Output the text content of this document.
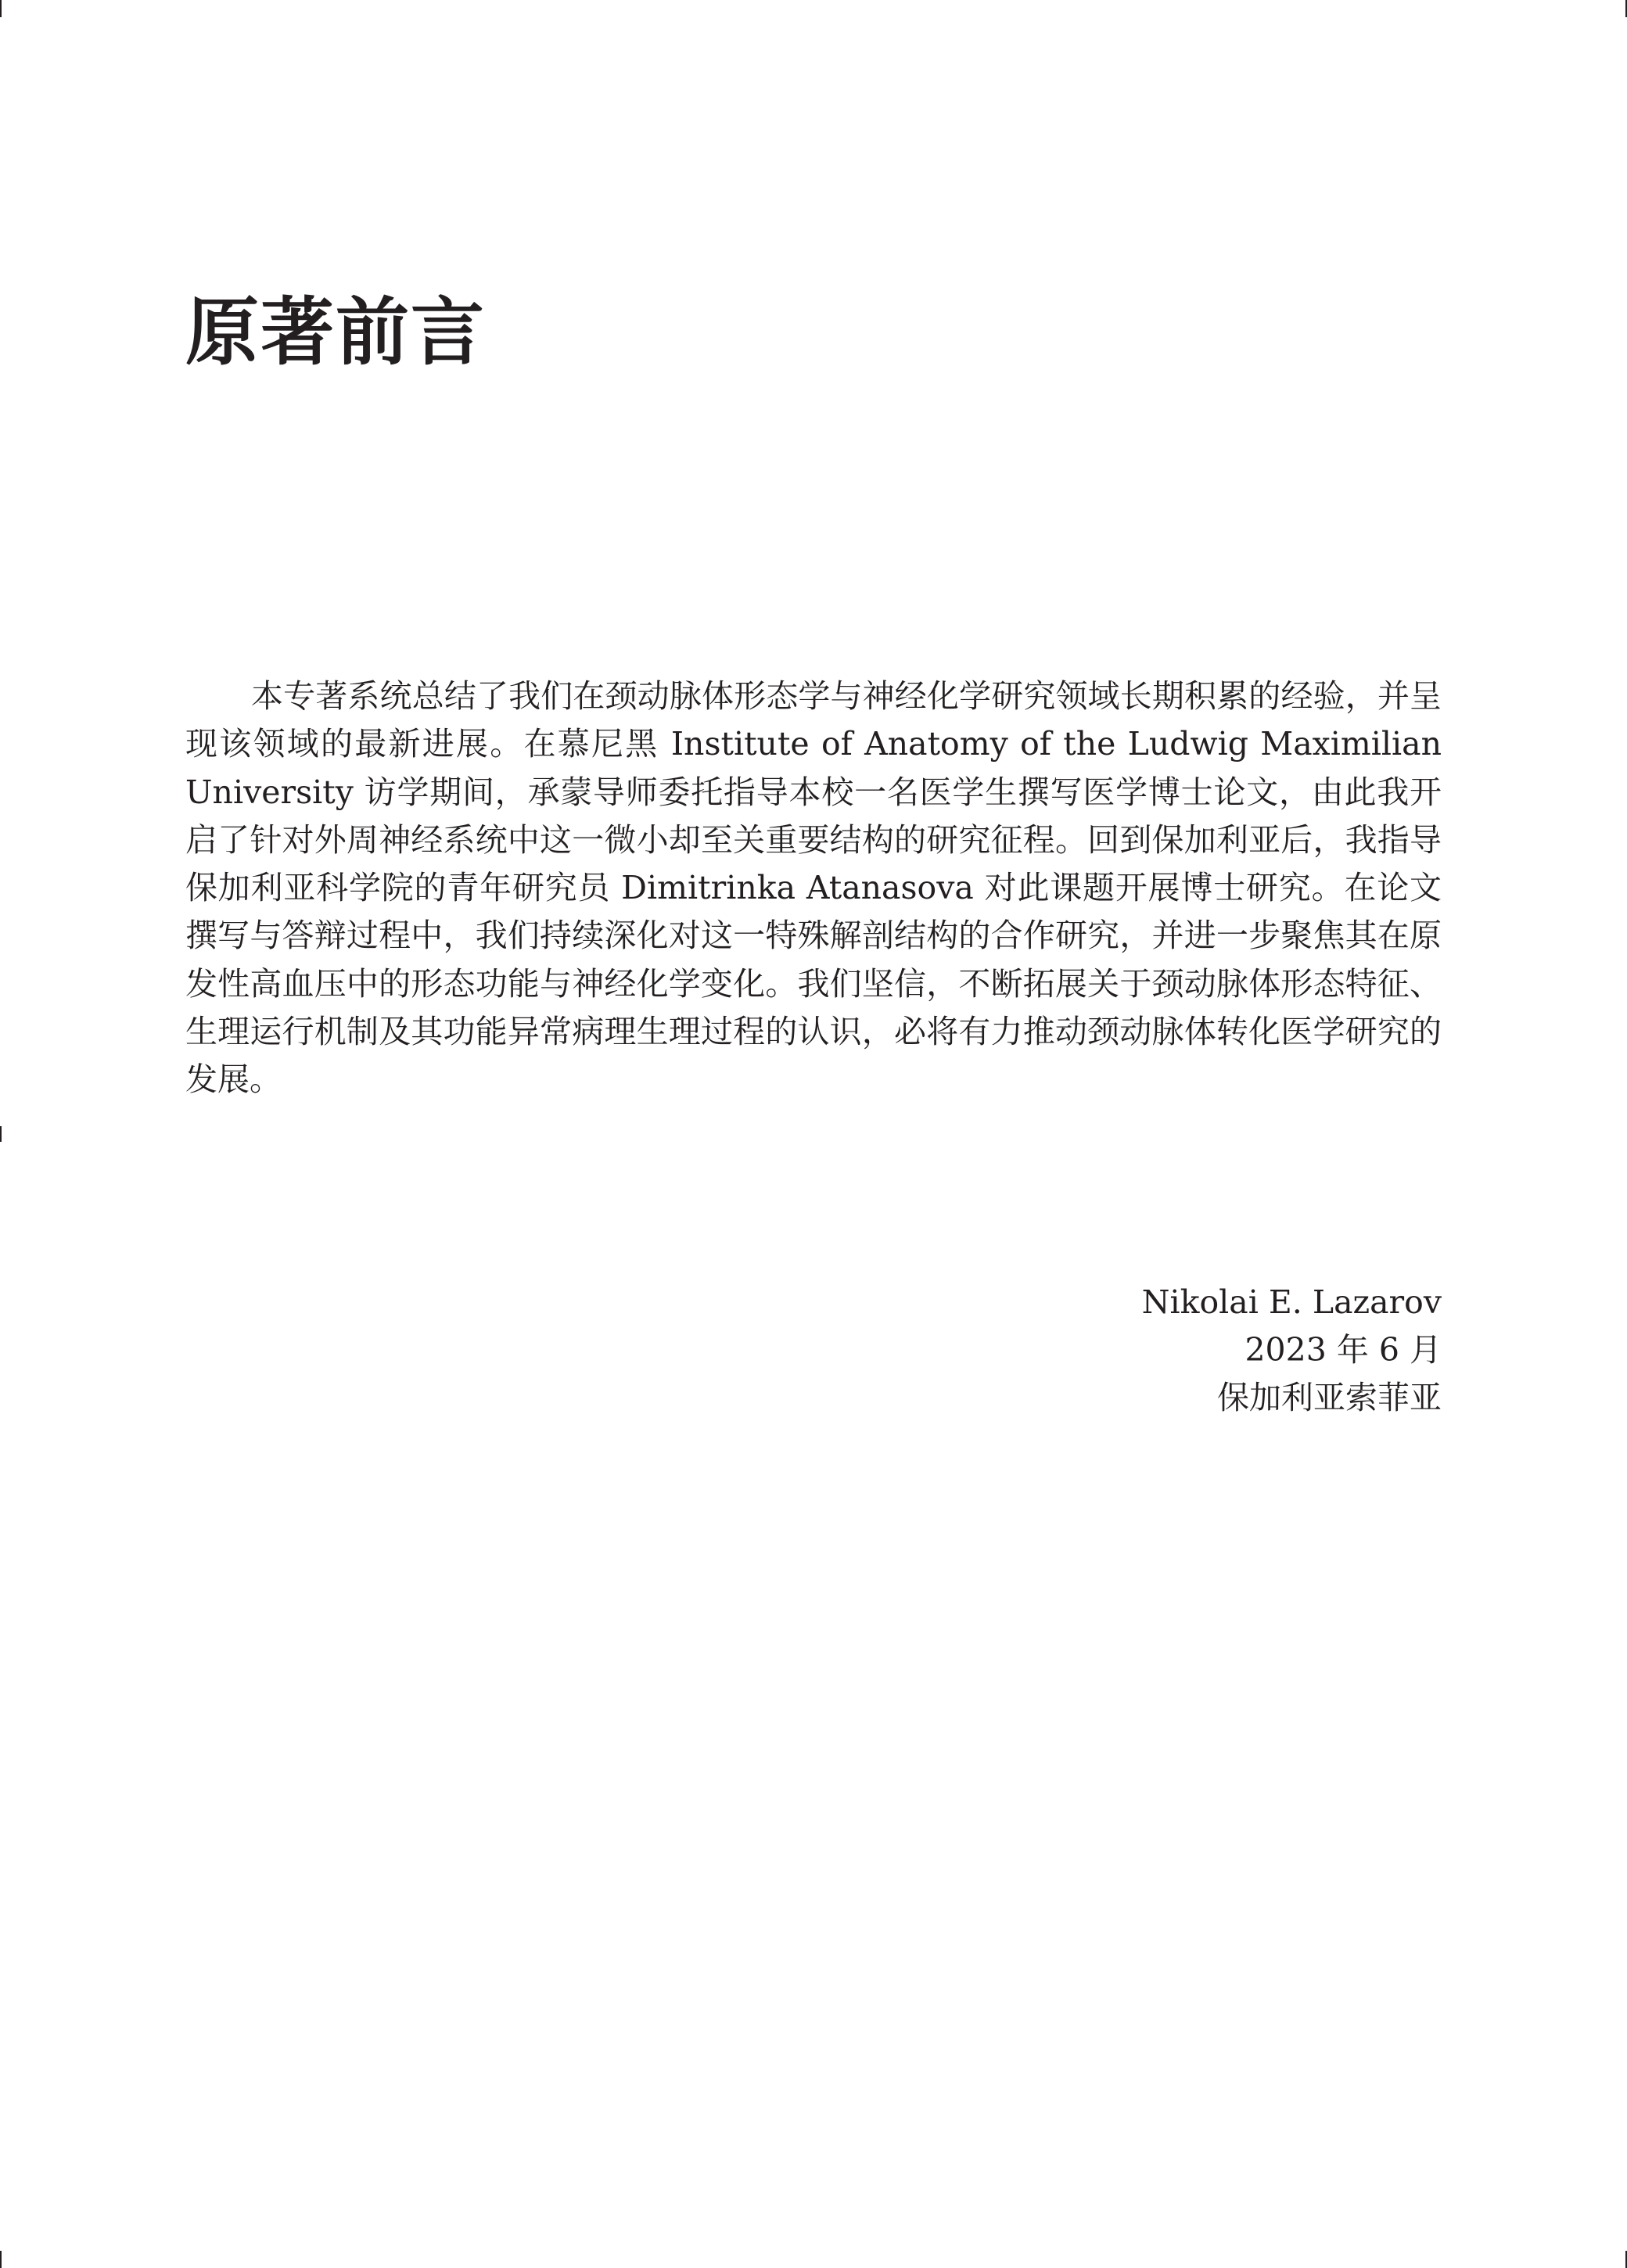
原著前言

本专著系统总结了我们在颈动脉体形态学与神经化学研究领域长期积累的经验，并呈现该领域的最新进展。在慕尼黑 Institute of Anatomy of the Ludwig Maximilian University 访学期间，承蒙导师委托指导本校一名医学生撰写医学博士论文，由此我开启了针对外周神经系统中这一微小却至关重要结构的研究征程。回到保加利亚后，我指导保加利亚科学院的青年研究员 Dimitrinka Atanasova 对此课题开展博士研究。在论文撰写与答辩过程中，我们持续深化对这一特殊解剖结构的合作研究，并进一步聚焦其在原发性高血压中的形态功能与神经化学变化。我们坚信，不断拓展关于颈动脉体形态特征、生理运行机制及其功能异常病理生理过程的认识，必将有力推动颈动脉体转化医学研究的发展。

Nikolai E. Lazarov
2023 年 6 月
保加利亚索菲亚
